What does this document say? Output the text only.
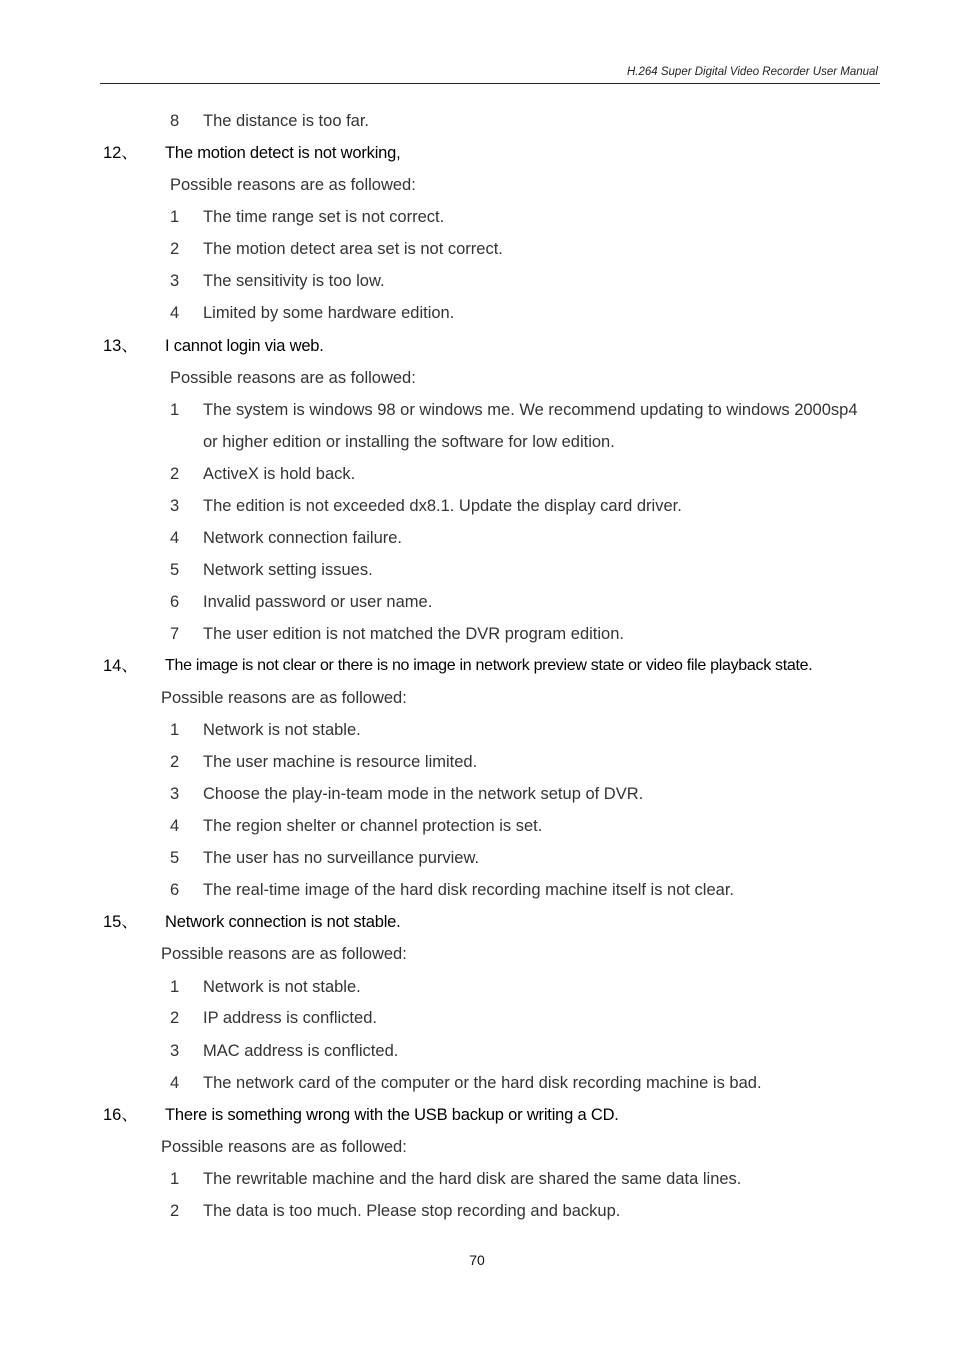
H.264 Super Digital Video Recorder User Manual
8	The distance is too far.
12、 The motion detect is not working,
Possible reasons are as followed:
1	The time range set is not correct.
2	The motion detect area set is not correct.
3	The sensitivity is too low.
4	Limited by some hardware edition.
13、 I cannot login via web.
Possible reasons are as followed:
1	The system is windows 98 or windows me. We recommend updating to windows 2000sp4
or higher edition or installing the software for low edition.
2	ActiveX is hold back.
3	The edition is not exceeded dx8.1. Update the display card driver.
4	Network connection failure.
5	Network setting issues.
6	Invalid password or user name.
7	The user edition is not matched the DVR program edition.
14、 The image is not clear or there is no image in network preview state or video file playback state.
Possible reasons are as followed:
1	Network is not stable.
2	The user machine is resource limited.
3	Choose the play-in-team mode in the network setup of DVR.
4	The region shelter or channel protection is set.
5	The user has no surveillance purview.
6	The real-time image of the hard disk recording machine itself is not clear.
15、 Network connection is not stable.
Possible reasons are as followed:
1	Network is not stable.
2	IP address is conflicted.
3	MAC address is conflicted.
4	The network card of the computer or the hard disk recording machine is bad.
16、 There is something wrong with the USB backup or writing a CD.
Possible reasons are as followed:
1	The rewritable machine and the hard disk are shared the same data lines.
2	The data is too much. Please stop recording and backup.
70
